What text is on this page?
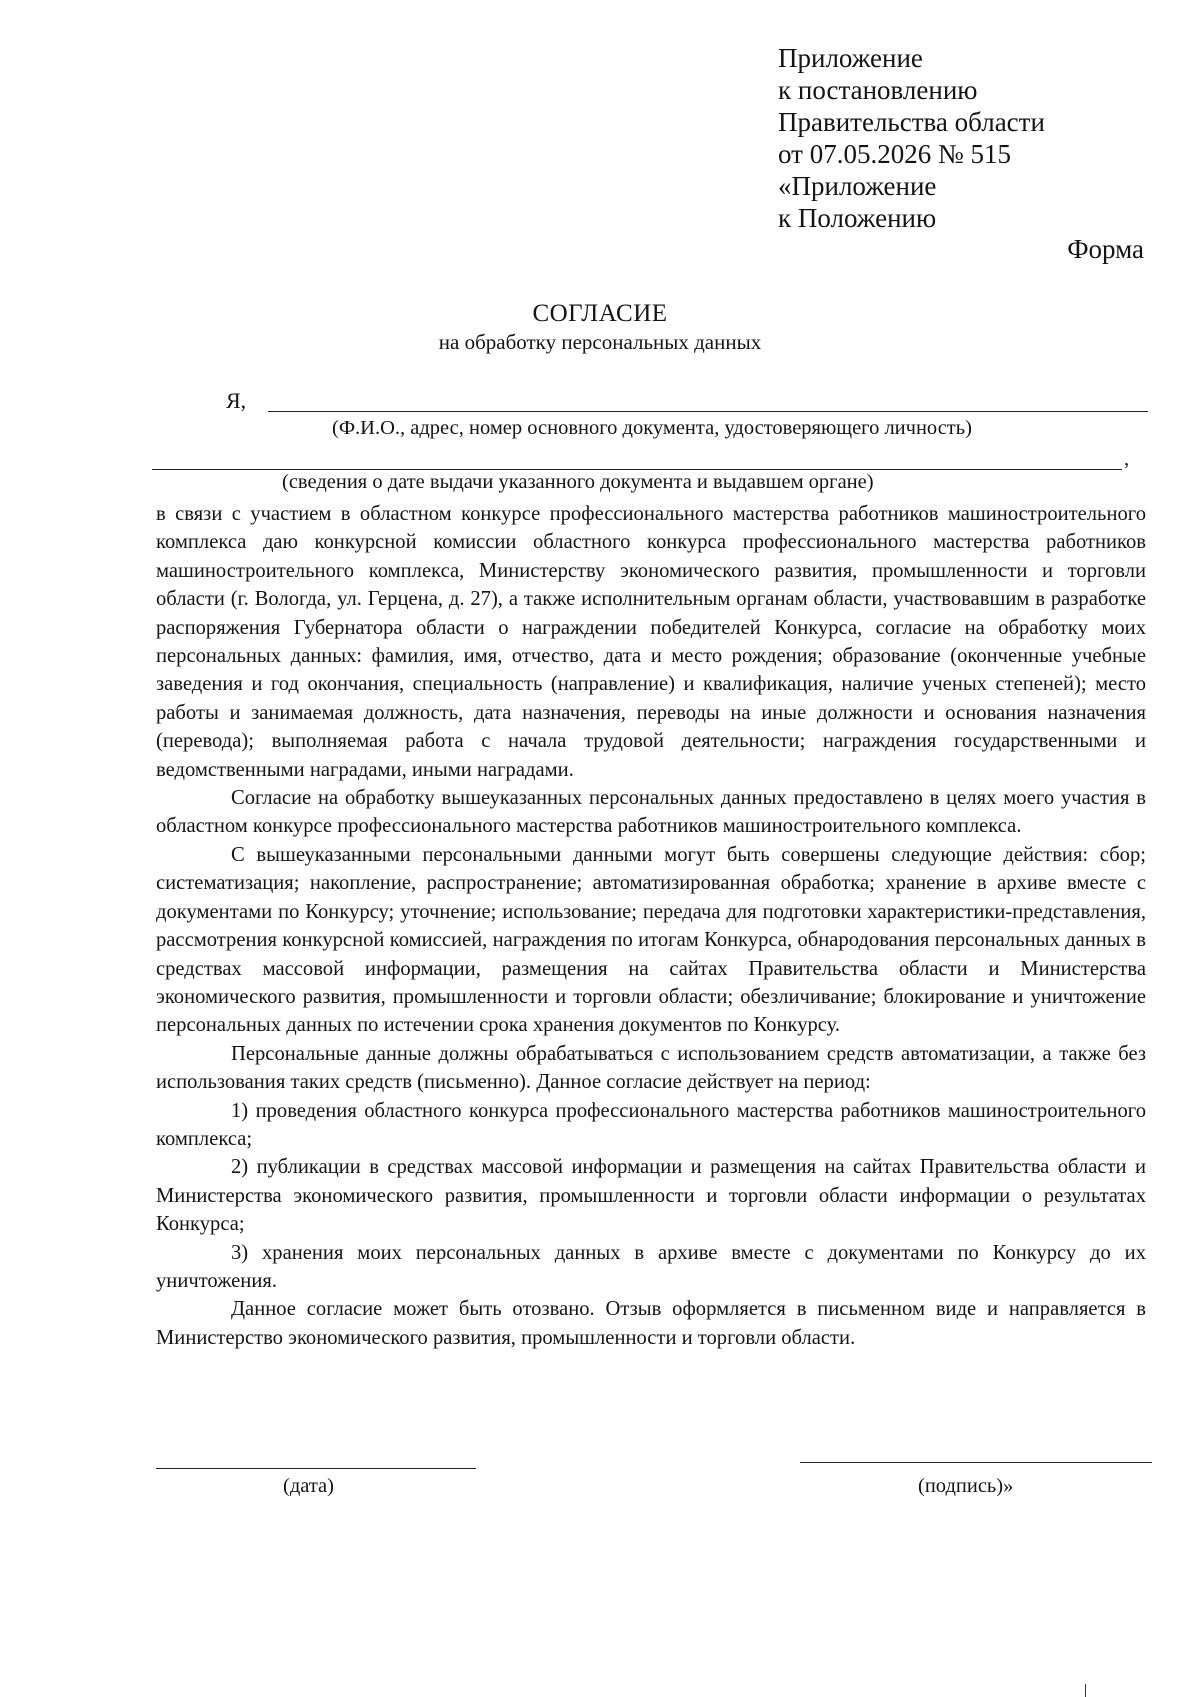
Приложение
к постановлению
Правительства области
от 07.05.2026 № 515
«Приложение
к Положению
Форма
СОГЛАСИЕ
на обработку персональных данных
Я,
(Ф.И.О., адрес, номер основного документа, удостоверяющего личность)
,
(сведения о дате выдачи указанного документа и выдавшем органе)

в связи с участием в областном конкурсе профессионального мастерства работников машиностроительного комплекса даю конкурсной комиссии областного конкурса профессионального мастерства работников машиностроительного комплекса, Министерству экономического развития, промышленности и торговли области (г. Вологда, ул. Герцена, д. 27), а также исполнительным органам области, участвовавшим в разработке распоряжения Губернатора области о награждении победителей Конкурса, согласие на обработку моих персональных данных: фамилия, имя, отчество, дата и место рождения; образование (оконченные учебные заведения и год окончания, специальность (направление) и квалификация, наличие ученых степеней); место работы и занимаемая должность, дата назначения, переводы на иные должности и основания назначения (перевода); выполняемая работа с начала трудовой деятельности; награждения государственными и ведомственными наградами, иными наградами.

Согласие на обработку вышеуказанных персональных данных предоставлено в целях моего участия в областном конкурсе профессионального мастерства работников машиностроительного комплекса.

С вышеуказанными персональными данными могут быть совершены следующие действия: сбор; систематизация; накопление, распространение; автоматизированная обработка; хранение в архиве вместе с документами по Конкурсу; уточнение; использование; передача для подготовки характеристики-представления, рассмотрения конкурсной комиссией, награждения по итогам Конкурса, обнародования персональных данных в средствах массовой информации, размещения на сайтах Правительства области и Министерства экономического развития, промышленности и торговли области; обезличивание; блокирование и уничтожение персональных данных по истечении срока хранения документов по Конкурсу.

Персональные данные должны обрабатываться с использованием средств автоматизации, а также без использования таких средств (письменно). Данное согласие действует на период:

1) проведения областного конкурса профессионального мастерства работников машиностроительного комплекса;

2) публикации в средствах массовой информации и размещения на сайтах Правительства области и Министерства экономического развития, промышленности и торговли области информации о результатах Конкурса;

3) хранения моих персональных данных в архиве вместе с документами по Конкурсу до их уничтожения.

Данное согласие может быть отозвано. Отзыв оформляется в письменном виде и направляется в Министерство экономического развития, промышленности и торговли области.

(дата)	(подпись)»
